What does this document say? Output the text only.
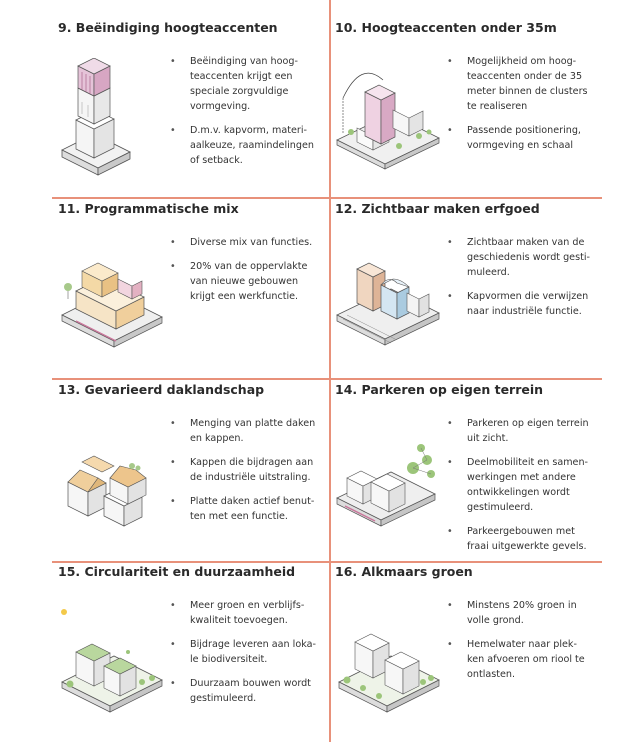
9. Beëindiging hoogteaccenten
• Beëindiging van hoog-
teaccenten krijgt een
speciale zorgvuldige
vormgeving.
• D.m.v. kapvorm, materi-
aalkeuze, raamindelingen
of setback.
10. Hoogteaccenten onder 35m
• Mogelijkheid om hoog-
teaccenten onder de 35
meter binnen de clusters
te realiseren
• Passende positionering,
vormgeving en schaal
11. Programmatische mix
• Diverse mix van functies.
• 20% van de oppervlakte
van nieuwe gebouwen
krijgt een werkfunctie.
12. Zichtbaar maken erfgoed
• Zichtbaar maken van de
geschiedenis wordt gesti-
muleerd.
• Kapvormen die verwijzen
naar industriële functie.
13. Gevarieerd daklandschap
• Menging van platte daken
en kappen.
• Kappen die bijdragen aan
de industriële uitstraling.
• Platte daken actief benut-
ten met een functie.
14. Parkeren op eigen terrein
• Parkeren op eigen terrein
uit zicht.
• Deelmobiliteit en samen-
werkingen met andere
ontwikkelingen wordt
gestimuleerd.
• Parkeergebouwen met
fraai uitgewerkte gevels.
15. Circulariteit en duurzaamheid
• Meer groen en verblijfs-
kwaliteit toevoegen.
• Bijdrage leveren aan loka-
le biodiversiteit.
• Duurzaam bouwen wordt
gestimuleerd.
16. Alkmaars groen
• Minstens 20% groen in
volle grond.
• Hemelwater naar plek-
ken afvoeren om riool te
ontlasten.
